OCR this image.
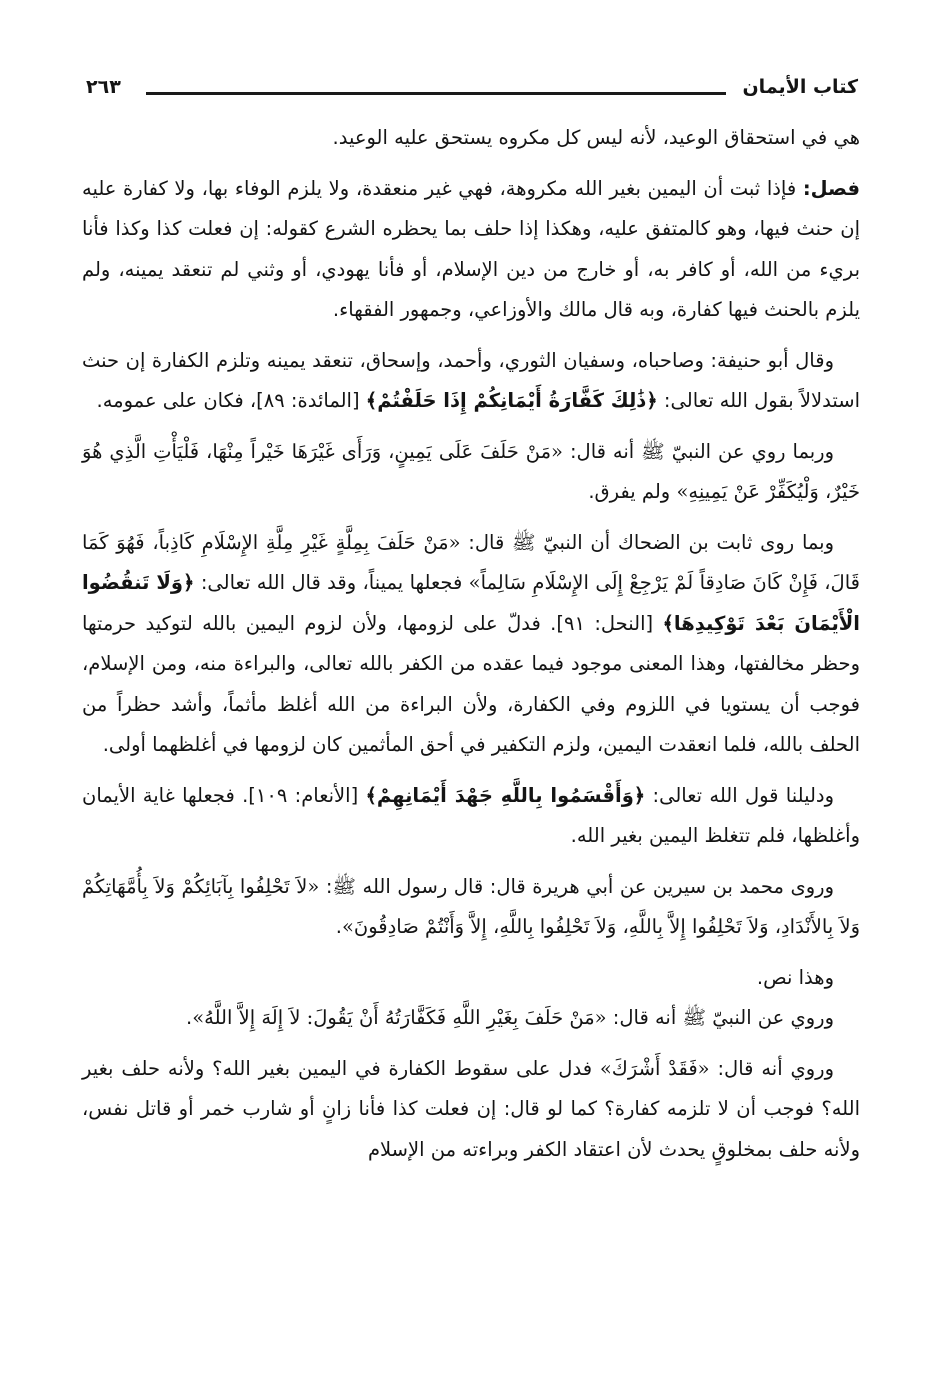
كتاب الأيمان
٢٦٣

هي في استحقاق الوعيد، لأنه ليس كل مكروه يستحق عليه الوعيد.

فصل: فإذا ثبت أن اليمين بغير الله مكروهة، فهي غير منعقدة، ولا يلزم الوفاء بها، ولا كفارة عليه إن حنث فيها، وهو كالمتفق عليه، وهكذا إذا حلف بما يحظره الشرع كقوله: إن فعلت كذا وكذا فأنا بريء من الله، أو كافر به، أو خارج من دين الإسلام، أو فأنا يهودي، أو وثني لم تنعقد يمينه، ولم يلزم بالحنث فيها كفارة، وبه قال مالك والأوزاعي، وجمهور الفقهاء.

وقال أبو حنيفة: وصاحباه، وسفيان الثوري، وأحمد، وإسحاق، تنعقد يمينه وتلزم الكفارة إن حنث استدلالاً بقول الله تعالى: ﴿ذَٰلِكَ كَفَّارَةُ أَيْمَانِكُمْ إِذَا حَلَفْتُمْ﴾ [المائدة: ٨٩]، فكان على عمومه.

وربما روي عن النبيّ ﷺ أنه قال: «مَنْ حَلَفَ عَلَى يَمِينٍ، وَرَأَى غَيْرَهَا خَيْراً مِنْهَا، فَلْيَأْتِ الَّذِي هُوَ خَيْرٌ، وَلْيُكَفِّرْ عَنْ يَمِينِهِ» ولم يفرق.

وبما روى ثابت بن الضحاك أن النبيّ ﷺ قال: «مَنْ حَلَفَ بِمِلَّةٍ غَيْرِ مِلَّةِ الإِسْلَامِ كَاذِباً، فَهُوَ كَمَا قَالَ، فَإِنْ كَانَ صَادِقاً لَمْ يَرْجِعْ إِلَى الإِسْلَامِ سَالِماً» فجعلها يميناً، وقد قال الله تعالى: ﴿وَلَا تَنقُضُوا الْأَيْمَانَ بَعْدَ تَوْكِيدِهَا﴾ [النحل: ٩١]. فدلّ على لزومها، ولأن لزوم اليمين بالله لتوكيد حرمتها وحظر مخالفتها، وهذا المعنى موجود فيما عقده من الكفر بالله تعالى، والبراءة منه، ومن الإسلام، فوجب أن يستويا في اللزوم وفي الكفارة، ولأن البراءة من الله أغلظ مأثماً، وأشد حظراً من الحلف بالله، فلما انعقدت اليمين، ولزم التكفير في أحق المأثمين كان لزومها في أغلظهما أولى.

ودليلنا قول الله تعالى: ﴿وَأَقْسَمُوا بِاللَّهِ جَهْدَ أَيْمَانِهِمْ﴾ [الأنعام: ١٠٩]. فجعلها غاية الأيمان وأغلظها، فلم تتغلظ اليمين بغير الله.

وروى محمد بن سيرين عن أبي هريرة قال: قال رسول الله ﷺ: «لاَ تَحْلِفُوا بِآبَائِكُمْ وَلاَ بِأُمَّهَاتِكُمْ وَلاَ بِالأَنْدَادِ، وَلاَ تَحْلِفُوا إِلاَّ بِاللَّهِ، وَلاَ تَحْلِفُوا بِاللَّهِ، إِلاَّ وَأَنْتُمْ صَادِقُونَ».

وهذا نص.

وروي عن النبيّ ﷺ أنه قال: «مَنْ حَلَفَ بِغَيْرِ اللَّهِ فَكَفَّارَتُهُ أَنْ يَقُولَ: لاَ إِلَهَ إِلاَّ اللَّهُ».

وروي أنه قال: «فَقَدْ أَشْرَكَ» فدل على سقوط الكفارة في اليمين بغير الله؟ ولأنه حلف بغير الله؟ فوجب أن لا تلزمه كفارة؟ كما لو قال: إن فعلت كذا فأنا زانٍ أو شارب خمر أو قاتل نفس، ولأنه حلف بمخلوقٍ يحدث لأن اعتقاد الكفر وبراءته من الإسلام
